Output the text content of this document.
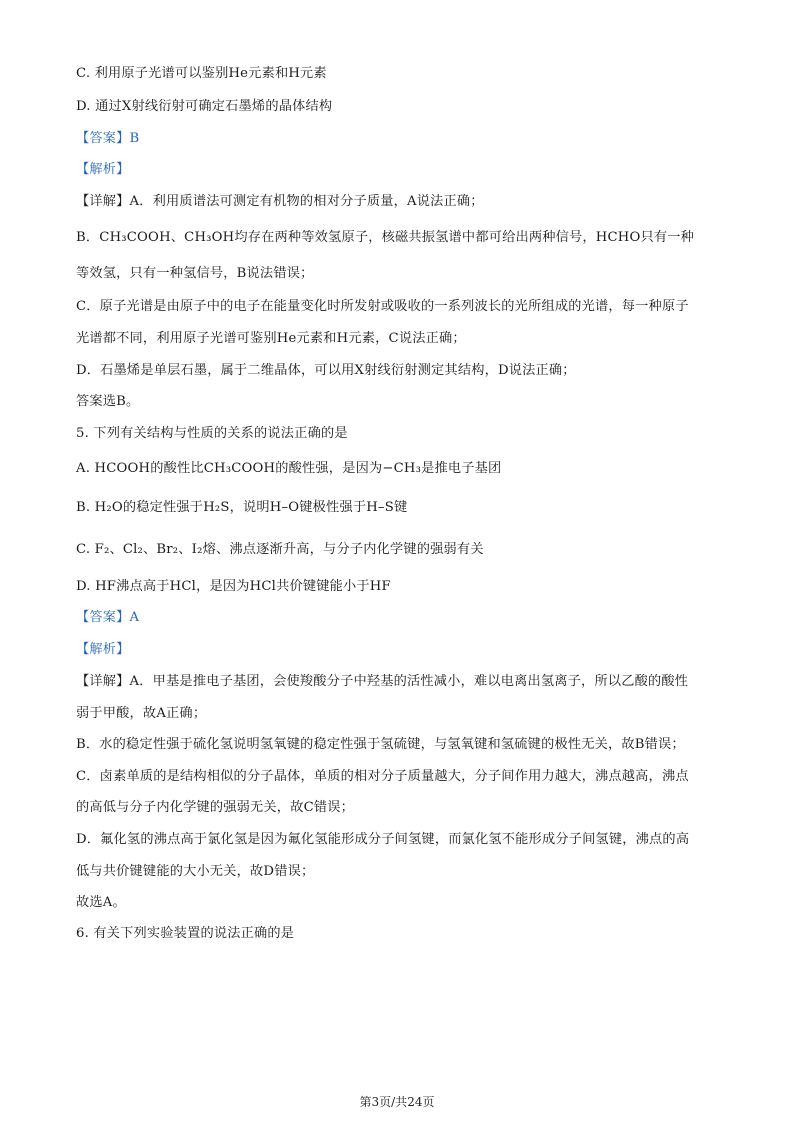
C. 利用原子光谱可以鉴别He元素和H元素
D. 通过X射线衍射可确定石墨烯的晶体结构
【答案】B
【解析】
【详解】A．利用质谱法可测定有机物的相对分子质量，A说法正确；
B．CH₃COOH、CH₃OH均存在两种等效氢原子，核磁共振氢谱中都可给出两种信号，HCHO只有一种
等效氢，只有一种氢信号，B说法错误；
C．原子光谱是由原子中的电子在能量变化时所发射或吸收的一系列波长的光所组成的光谱，每一种原子
光谱都不同，利用原子光谱可鉴别He元素和H元素，C说法正确；
D．石墨烯是单层石墨，属于二维晶体，可以用X射线衍射测定其结构，D说法正确；
答案选B。
5. 下列有关结构与性质的关系的说法正确的是
A. HCOOH的酸性比CH₃COOH的酸性强，是因为−CH₃是推电子基团
B. H₂O的稳定性强于H₂S，说明H–O键极性强于H–S键
C. F₂、Cl₂、Br₂、I₂熔、沸点逐渐升高，与分子内化学键的强弱有关
D. HF沸点高于HCl，是因为HCl共价键键能小于HF
【答案】A
【解析】
【详解】A．甲基是推电子基团，会使羧酸分子中羟基的活性减小，难以电离出氢离子，所以乙酸的酸性
弱于甲酸，故A正确；
B．水的稳定性强于硫化氢说明氢氧键的稳定性强于氢硫键，与氢氧键和氢硫键的极性无关，故B错误；
C．卤素单质的是结构相似的分子晶体，单质的相对分子质量越大，分子间作用力越大，沸点越高，沸点
的高低与分子内化学键的强弱无关，故C错误；
D．氟化氢的沸点高于氯化氢是因为氟化氢能形成分子间氢键，而氯化氢不能形成分子间氢键，沸点的高
低与共价键键能的大小无关，故D错误；
故选A。
6. 有关下列实验装置的说法正确的是
第3页/共24页
